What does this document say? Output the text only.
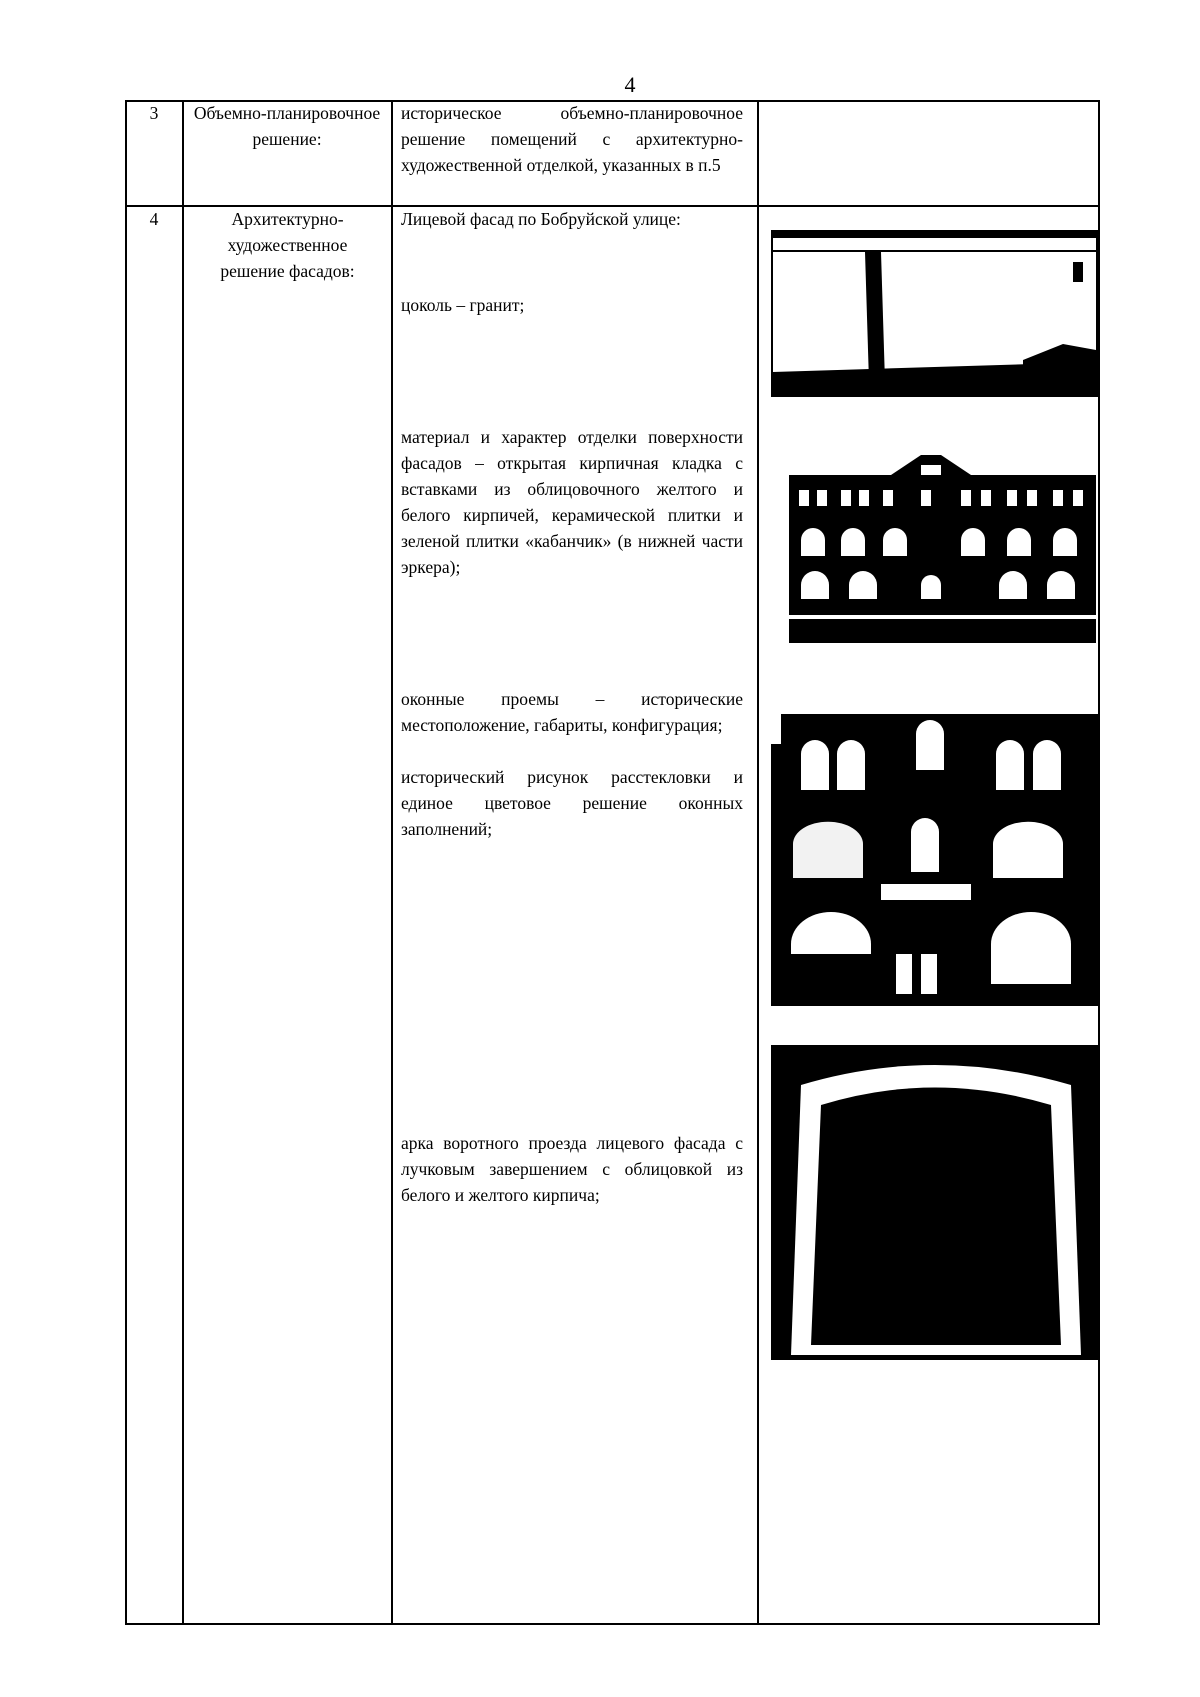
4
3	Объемно-планировочное решение:
историческое объемно-планировочное решение помещений с архитектурно-художественной отделкой, указанных в п.5
4	Архитектурно-художественное решение фасадов:
Лицевой фасад по Бобруйской улице:
цоколь – гранит;
материал и характер отделки поверхности фасадов – открытая кирпичная кладка с вставками из облицовочного желтого и белого кирпичей, керамической плитки и зеленой плитки «кабанчик» (в нижней части эркера);
оконные проемы – исторические местоположение, габариты, конфигурация;
исторический рисунок расстекловки и единое цветовое решение оконных заполнений;
арка воротного проезда лицевого фасада с лучковым завершением с облицовкой из белого и желтого кирпича;
